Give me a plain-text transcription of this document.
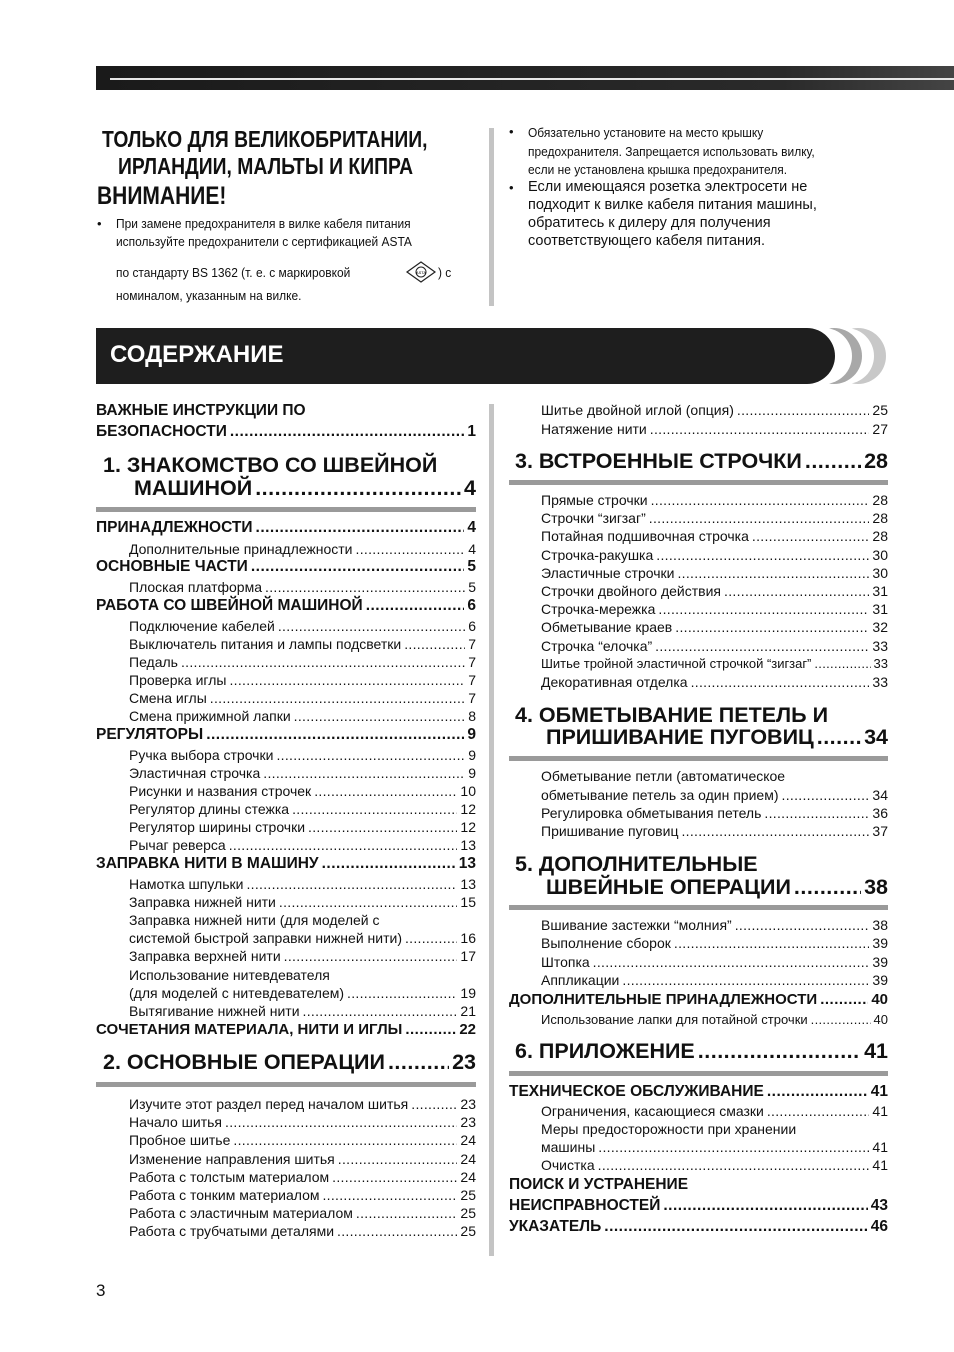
ТОЛЬКО ДЛЯ ВЕЛИКОБРИТАНИИ,
ИРЛАНДИИ, МАЛЬТЫ И КИПРА
ВНИМАНИЕ!
• При замене предохранителя в вилке кабеля питания
используйте предохранители с сертификацией ASTA
по стандарту BS 1362 (т. е. с маркировкой	ASTA ) с
номиналом, указанным на вилке.
• Обязательно установите на место крышку
предохранителя. Запрещается использовать вилку,
если не установлена крышка предохранителя.
• Если имеющаяся розетка электросети не
подходит к вилке кабеля питания машины,
обратитесь к дилеру для получения
соответствующего кабеля питания.
СОДЕРЖАНИЕ
ВАЖНЫЕ ИНСТРУКЦИИ ПО
БЕЗОПАСНОСТИ .....	1
1. ЗНАКОМСТВО СО ШВЕЙНОЙ
МАШИНОЙ .....	4
Заправка нижней нити (для моделей с
системой быстрой заправки нижней нити) .....	16
Заправка верхней нити .....	17
Использование нитевдевателя
(для моделей с нитевдевателем) .....	19
Вытягивание нижней нити .....	21
СОЧЕТАНИЯ МАТЕРИАЛА, НИТИ И ИГЛЫ .....	22
2. ОСНОВНЫЕ ОПЕРАЦИИ .....	23
3. ВСТРОЕННЫЕ СТРОЧКИ .....	28
4. ОБМЕТЫВАНИЕ ПЕТЕЛЬ И
ПРИШИВАНИЕ ПУГОВИЦ ..... 34
Обметывание петли (автоматическое
обметывание петель за один прием) .....	34
5. ДОПОЛНИТЕЛЬНЫЕ
ШВЕЙНЫЕ ОПЕРАЦИИ .....	38
ДОПОЛНИТЕЛЬНЫЕ ПРИНАДЛЕЖНОСТИ .....	40
Использование лапки для потайной строчки .....	40
6. ПРИЛОЖЕНИЕ .....	41
ТЕХНИЧЕСКОЕ ОБСЛУЖИВАНИЕ .....	41
Ограничения, касающиеся смазки .....	41
Меры предосторожности при хранении
машины .....	41
Очистка .....	41
ПОИСК И УСТРАНЕНИЕ
НЕИСПРАВНОСТЕЙ .....	43
УКАЗАТЕЛЬ .....	46
3
ПРИНАДЛЕЖНОСТИ .....	4
Дополнительные принадлежности .....	4
ОСНОВНЫЕ ЧАСТИ .....	5
Плоская платформа .....	5
РАБОТА СО ШВЕЙНОЙ МАШИНОЙ .....	6
Подключение кабелей .....	6
Выключатель питания и лампы подсветки .....	7
Педаль .....	7
Проверка иглы .....	7
Смена иглы .....	7
Смена прижимной лапки .....	8
РЕГУЛЯТОРЫ .....	9
Ручка выбора строчки .....	9
Эластичная строчка .....	9
Рисунки и названия строчек .....	10
Регулятор длины стежка .....	12
Регулятор ширины строчки .....	12
Рычаг реверса .....	13
ЗАПРАВКА НИТИ В МАШИНУ .....	13
Намотка шпульки .....	13
Заправка нижней нити .....	15
Изучите этот раздел перед началом шитья .....	23
Начало шитья .....	23
Пробное шитье .....	24
Изменение направления шитья .....	24
Работа с толстым материалом .....	24
Работа с тонким материалом .....	25
Работа с эластичным материалом .....	25
Работа с трубчатыми деталями .....	25
Шитье двойной иглой (опция) .....	25
Натяжение нити .....	27
Прямые строчки .....	28
Строчки “зигзаг” .....	28
Потайная подшивочная строчка .....	28
Строчка-ракушка .....	30
Эластичные строчки .....	30
Строчки двойного действия .....	31
Строчка-мережка .....	31
Обметывание краев .....	32
Строчка “елочка” .....	33
Шитье тройной эластичной строчкой “зигзаг” .....	33
Декоративная отделка .....	33
Регулировка обметывания петель .....	36
Пришивание пуговиц .....	37
Вшивание застежки “молния” .....	38
Выполнение сборок .....	39
Штопка .....	39
Аппликации .....	39
